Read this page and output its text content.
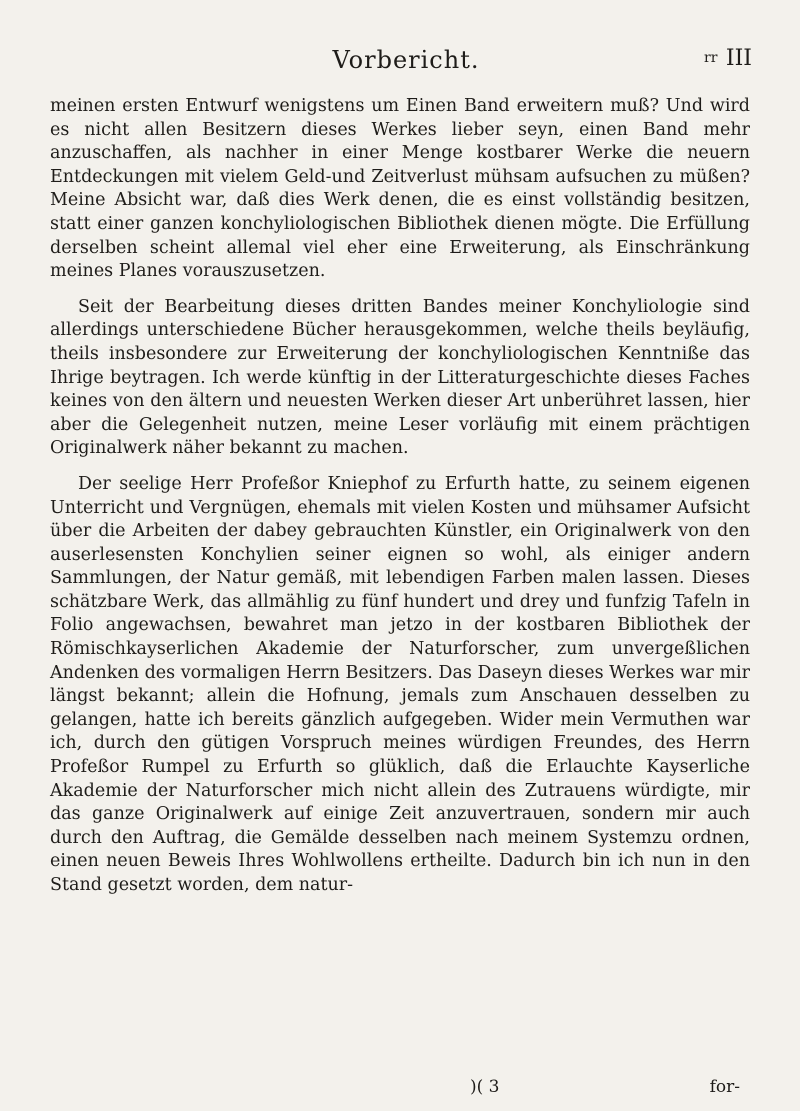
Vorbericht.	rr III

meinen ersten Entwurf wenigstens um Einen Band erweitern muß? Und wird es nicht allen Besitzern dieses Werkes lieber seyn, einen Band mehr anzuschaffen, als nachher in einer Menge kostbarer Werke die neuern Entdeckungen mit vielem Geld-und Zeitverlust mühsam aufsuchen zu müßen? Meine Absicht war, daß dies Werk denen, die es einst vollständig besitzen, statt einer ganzen konchyliologischen Bibliothek dienen mögte. Die Erfüllung derselben scheint allemal viel eher eine Erweiterung, als Einschränkung meines Planes vorauszusetzen.

Seit der Bearbeitung dieses dritten Bandes meiner Konchyliologie sind allerdings unterschiedene Bücher herausgekommen, welche theils beyläufig, theils insbesondere zur Erweiterung der konchyliologischen Kenntniße das Ihrige beytragen. Ich werde künftig in der Litteraturgeschichte dieses Faches keines von den ältern und neuesten Werken dieser Art unberühret lassen, hier aber die Gelegenheit nutzen, meine Leser vorläufig mit einem prächtigen Originalwerk näher bekannt zu machen.

Der seelige Herr Profeßor Kniephof zu Erfurth hatte, zu seinem eigenen Unterricht und Vergnügen, ehemals mit vielen Kosten und mühsamer Aufsicht über die Arbeiten der dabey gebrauchten Künstler, ein Originalwerk von den auserlesensten Konchylien seiner eignen so wohl, als einiger andern Sammlungen, der Natur gemäß, mit lebendigen Farben malen lassen. Dieses schätzbare Werk, das allmählig zu fünf hundert und drey und funfzig Tafeln in Folio angewachsen, bewahret man jetzo in der kostbaren Bibliothek der Römischkayserlichen Akademie der Naturforscher, zum unvergeßlichen Andenken des vormaligen Herrn Besitzers. Das Daseyn dieses Werkes war mir längst bekannt; allein die Hofnung, jemals zum Anschauen desselben zu gelangen, hatte ich bereits gänzlich aufgegeben. Wider mein Vermuthen war ich, durch den gütigen Vorspruch meines würdigen Freundes, des Herrn Profeßor Rumpel zu Erfurth so glüklich, daß die Erlauchte Kayserliche Akademie der Naturforscher mich nicht allein des Zutrauens würdigte, mir das ganze Originalwerk auf einige Zeit anzuvertrauen, sondern mir auch durch den Auftrag, die Gemälde desselben nach meinem Systemzu ordnen, einen neuen Beweis Ihres Wohlwollens ertheilte. Dadurch bin ich nun in den Stand gesetzt worden, dem natur-

)( 3	for-
